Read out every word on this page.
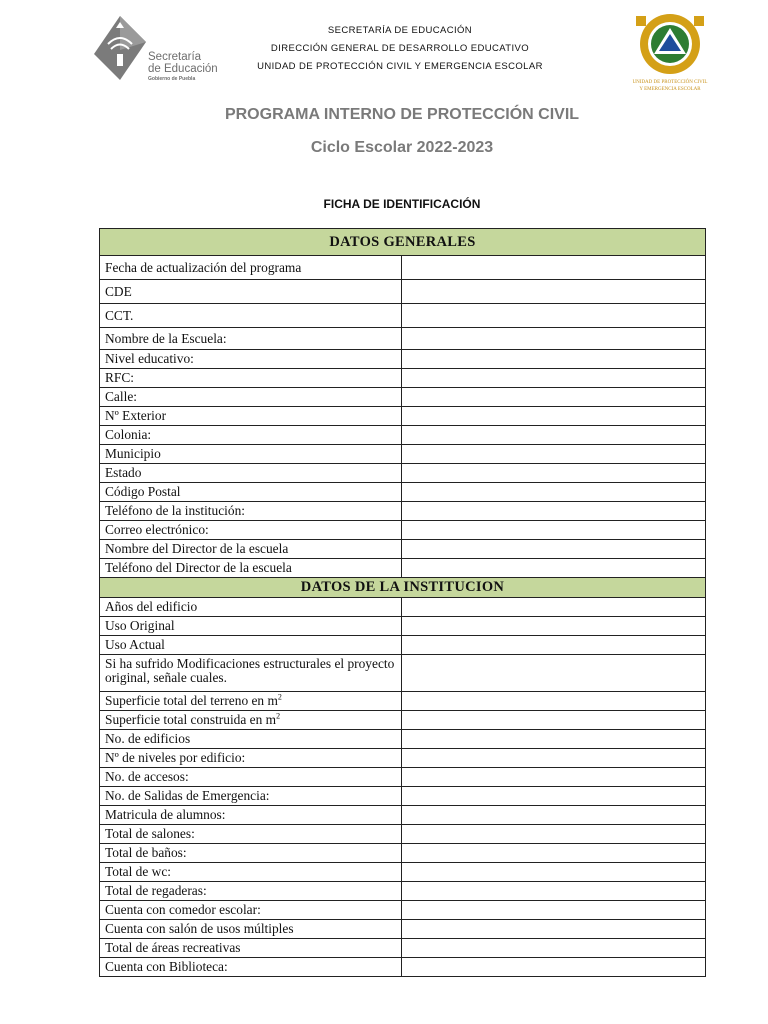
Secretaría
de Educación
Gobierno de Puebla
UNIDAD DE PROTECCIÓN CIVIL
Y EMERGENCIA ESCOLAR
SECRETARÍA DE EDUCACIÓN
DIRECCIÓN GENERAL DE DESARROLLO EDUCATIVO
UNIDAD DE PROTECCIÓN CIVIL Y EMERGENCIA ESCOLAR
PROGRAMA INTERNO DE PROTECCIÓN CIVIL
Ciclo Escolar 2022-2023
FICHA DE IDENTIFICACIÓN
DATOS GENERALES	
Fecha de actualización del programa	
CDE	
CCT.	
Nombre de la Escuela:	
Nivel educativo:	
RFC:	
Calle:	
Nº Exterior	
Colonia:	
Municipio	
Estado	
Código Postal	
Teléfono de la institución:	
Correo electrónico:	
Nombre del Director de la escuela	
Teléfono del Director de la escuela	
DATOS DE LA INSTITUCION	
Años del edificio	
Uso Original	
Uso Actual	
Si ha sufrido Modificaciones estructurales el proyecto original, señale cuales.	
Superficie total del terreno en $m^2$	
Superficie total construida en $m^2$	
No. de edificios	
Nº de niveles por edificio:	
No. de accesos:	
No. de Salidas de Emergencia:	
Matricula de alumnos:	
Total de salones:	
Total de baños:	
Total de wc:	
Total de regaderas:	
Cuenta con comedor escolar:	
Cuenta con salón de usos múltiples	
Total de áreas recreativas	
Cuenta con Biblioteca:	
